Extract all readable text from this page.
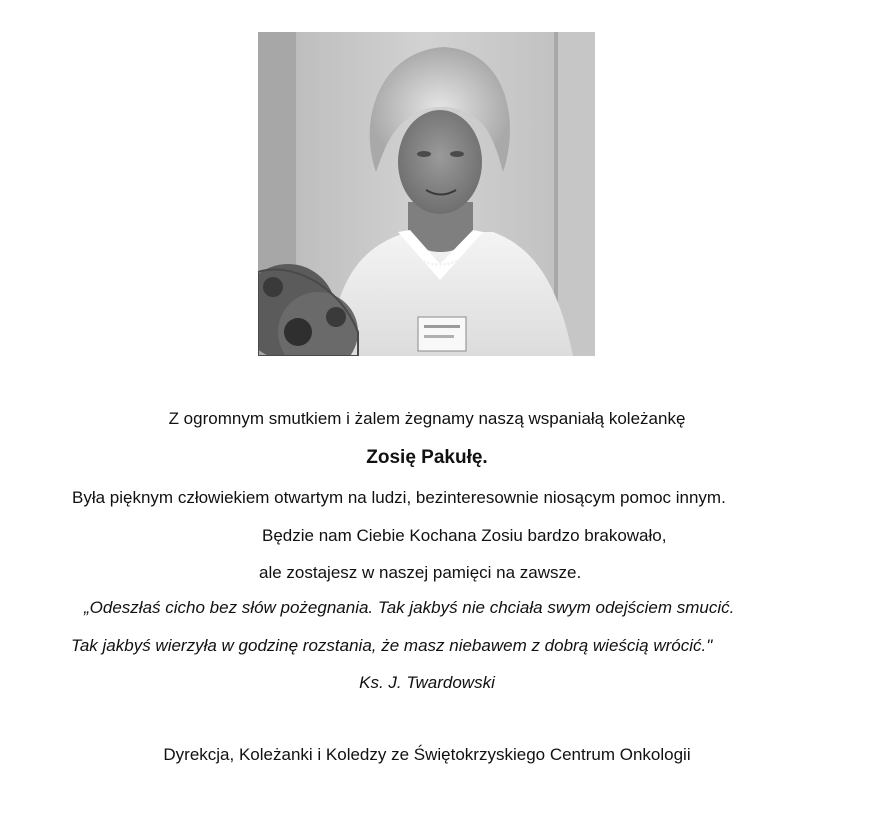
Z ogromnym smutkiem i żalem żegnamy naszą wspaniałą koleżankę
Zosię Pakułę.
Była pięknym człowiekiem otwartym na ludzi, bezinteresownie niosącym pomoc innym.
Będzie nam Ciebie Kochana Zosiu bardzo brakowało,
ale zostajesz w naszej pamięci na zawsze.
„Odeszłaś cicho bez słów pożegnania. Tak jakbyś nie chciała swym odejściem smucić.
Tak jakbyś wierzyła w godzinę rozstania, że masz niebawem z dobrą wieścią wrócić."
Ks. J. Twardowski
Dyrekcja, Koleżanki i Koledzy ze Świętokrzyskiego Centrum Onkologii
